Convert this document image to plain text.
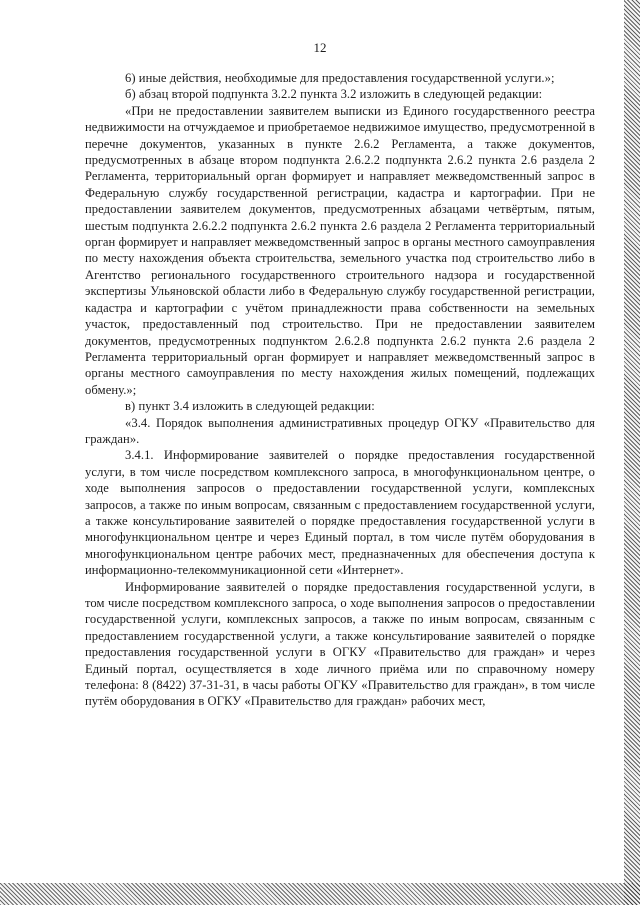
12

6) иные действия, необходимые для предоставления государственной услуги.»;

б) абзац второй подпункта 3.2.2 пункта 3.2 изложить в следующей редакции:

«При не предоставлении заявителем выписки из Единого государственного реестра недвижимости на отчуждаемое и приобретаемое недвижимое имущество, предусмотренной в перечне документов, указанных в пункте 2.6.2 Регламента, а также документов, предусмотренных в абзаце втором подпункта 2.6.2.2 подпункта 2.6.2 пункта 2.6 раздела 2 Регламента, территориальный орган формирует и направляет межведомственный запрос в Федеральную службу государственной регистрации, кадастра и картографии. При не предоставлении заявителем документов, предусмотренных абзацами четвёртым, пятым, шестым подпункта 2.6.2.2 подпункта 2.6.2 пункта 2.6 раздела 2 Регламента территориальный орган формирует и направляет межведомственный запрос в органы местного самоуправления по месту нахождения объекта строительства, земельного участка под строительство либо в Агентство регионального государственного строительного надзора и государственной экспертизы Ульяновской области либо в Федеральную службу государственной регистрации, кадастра и картографии с учётом принадлежности права собственности на земельных участок, предоставленный под строительство. При не предоставлении заявителем документов, предусмотренных подпунктом 2.6.2.8 подпункта 2.6.2 пункта 2.6 раздела 2 Регламента территориальный орган формирует и направляет межведомственный запрос в органы местного самоуправления по месту нахождения жилых помещений, подлежащих обмену.»;

в) пункт 3.4 изложить в следующей редакции:

«3.4. Порядок выполнения административных процедур ОГКУ «Правительство для граждан».

3.4.1. Информирование заявителей о порядке предоставления государственной услуги, в том числе посредством комплексного запроса, в многофункциональном центре, о ходе выполнения запросов о предоставлении государственной услуги, комплексных запросов, а также по иным вопросам, связанным с предоставлением государственной услуги, а также консультирование заявителей о порядке предоставления государственной услуги в многофункциональном центре и через Единый портал, в том числе путём оборудования в многофункциональном центре рабочих мест, предназначенных для обеспечения доступа к информационно-телекоммуникационной сети «Интернет».

Информирование заявителей о порядке предоставления государственной услуги, в том числе посредством комплексного запроса, о ходе выполнения запросов о предоставлении государственной услуги, комплексных запросов, а также по иным вопросам, связанным с предоставлением государственной услуги, а также консультирование заявителей о порядке предоставления государственной услуги в ОГКУ «Правительство для граждан» и через Единый портал, осуществляется в ходе личного приёма или по справочному номеру телефона: 8 (8422) 37-31-31, в часы работы ОГКУ «Правительство для граждан», в том числе путём оборудования в ОГКУ «Правительство для граждан» рабочих мест,
